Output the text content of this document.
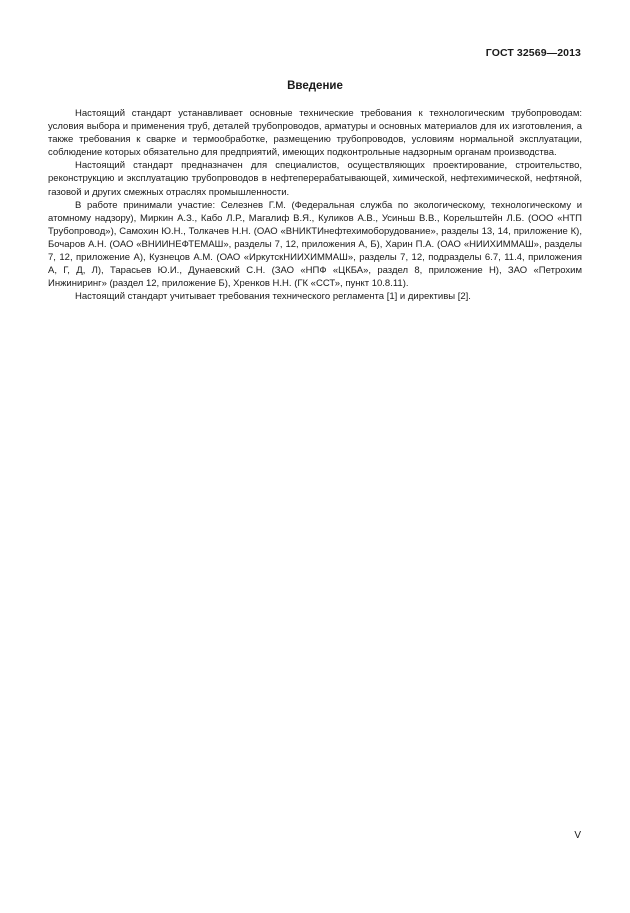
ГОСТ 32569—2013
Введение

Настоящий стандарт устанавливает основные технические требования к технологическим трубопроводам: условия выбора и применения труб, деталей трубопроводов, арматуры и основных материалов для их изготовления, а также требования к сварке и термообработке, размещению трубопроводов, условиям нормальной эксплуатации, соблюдение которых обязательно для предприятий, имеющих подконтрольные надзорным органам производства.

Настоящий стандарт предназначен для специалистов, осуществляющих проектирование, строительство, реконструкцию и эксплуатацию трубопроводов в нефтеперерабатывающей, химической, нефтехимической, нефтяной, газовой и других смежных отраслях промышленности.

В работе принимали участие: Селезнев Г.М. (Федеральная служба по экологическому, технологическому и атомному надзору), Миркин А.З., Кабо Л.Р., Магалиф В.Я., Куликов А.В., Усиньш В.В., Корельштейн Л.Б. (ООО «НТП Трубопровод»), Самохин Ю.Н., Толкачев Н.Н. (ОАО «ВНИКТИнефтехимоборудование», разделы 13, 14, приложение К), Бочаров А.Н. (ОАО «ВНИИНЕФТЕМАШ», разделы 7, 12, приложения А, Б), Харин П.А. (ОАО «НИИХИММАШ», разделы 7, 12, приложение А), Кузнецов А.М. (ОАО «ИркутскНИИХИММАШ», разделы 7, 12, подразделы 6.7, 11.4, приложения А, Г, Д, Л), Тарасьев Ю.И., Дунаевский С.Н. (ЗАО «НПФ «ЦКБА», раздел 8, приложение Н), ЗАО «Петрохим Инжиниринг» (раздел 12, приложение Б), Хренков Н.Н. (ГК «ССТ», пункт 10.8.11).

Настоящий стандарт учитывает требования технического регламента [1] и директивы [2].

V
